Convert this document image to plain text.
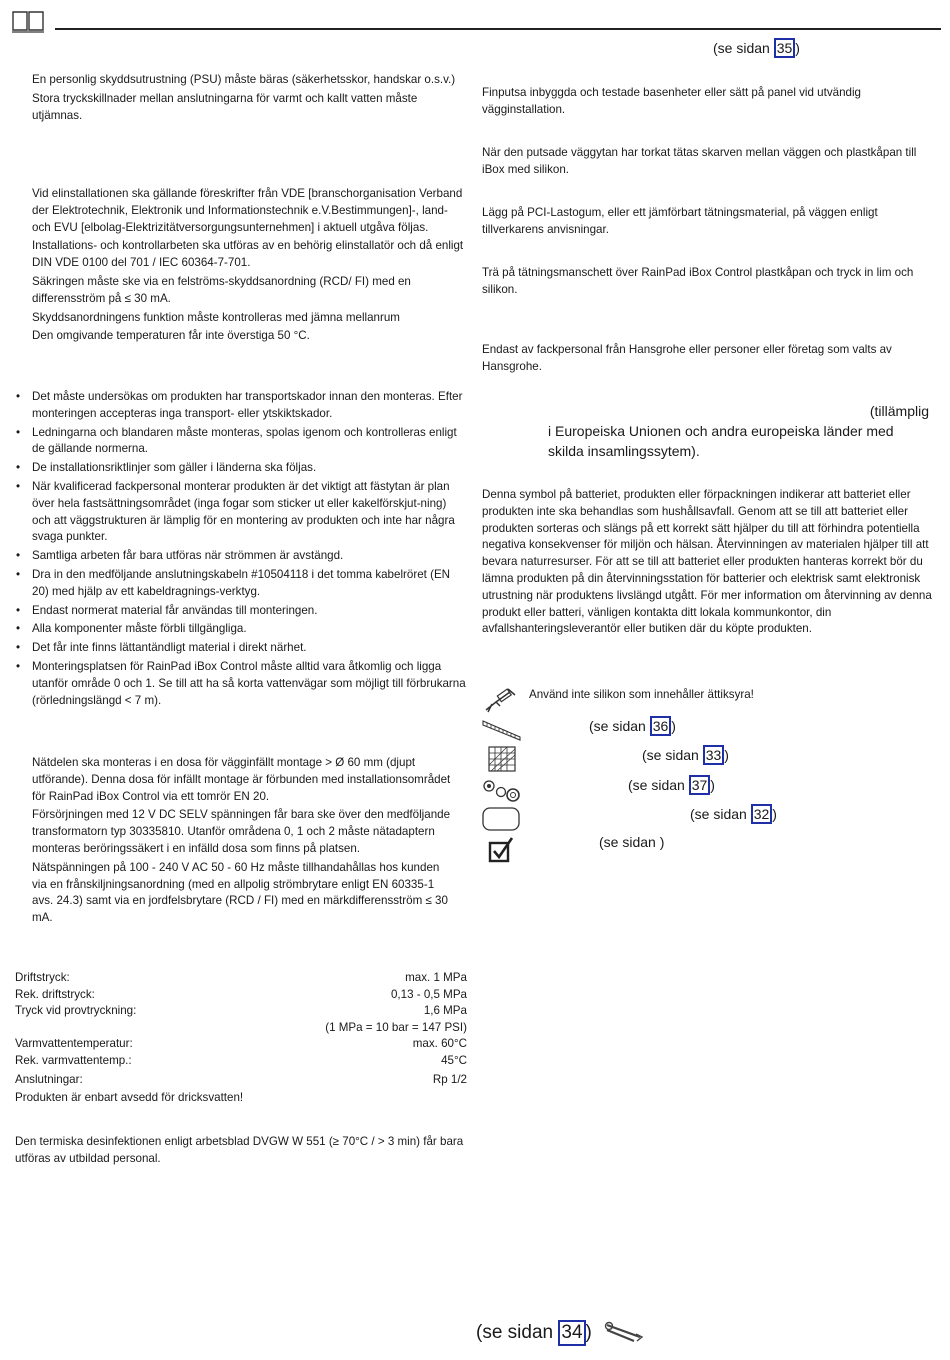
(se sidan 35 )

En personlig skyddsutrustning (PSU) måste bäras (säkerhetsskor, handskar o.s.v.)

Stora tryckskillnader mellan anslutningarna för varmt och kallt vatten måste utjämnas.

Vid elinstallationen ska gällande föreskrifter från VDE [branschorganisation Verband der Elektrotechnik, Elektronik und Informationstechnik e.V.Bestimmungen]-, land- och EVU [elbolag-Elektrizitätversorgungsunternehmen] i aktuell utgåva följas.

Installations- och kontrollarbeten ska utföras av en behörig elinstallatör och då enligt DIN VDE 0100 del 701 / IEC 60364-7-701.

Säkringen måste ske via en felströms-skyddsanordning (RCD/ FI) med en differensström på ≤ 30 mA.

Skyddsanordningens funktion måste kontrolleras med jämna mellanrum

Den omgivande temperaturen får inte överstiga 50 °C.

• Det måste undersökas om produkten har transportskador innan den monteras. Efter monteringen accepteras inga transport- eller ytskiktskador.
• Ledningarna och blandaren måste monteras, spolas igenom och kontrolleras enligt de gällande normerna.
• De installationsriktlinjer som gäller i länderna ska följas.
• När kvalificerad fackpersonal monterar produkten är det viktigt att fästytan är plan över hela fastsättningsområdet (inga fogar som sticker ut eller kakelförskjut-ning) och att väggstrukturen är lämplig för en montering av produkten och inte har några svaga punkter.
• Samtliga arbeten får bara utföras när strömmen är avstängd.
• Dra in den medföljande anslutningskabeln #10504118 i det tomma kabelröret (EN 20) med hjälp av ett kabeldragnings-verktyg.
• Endast normerat material får användas till monteringen.
• Alla komponenter måste förbli tillgängliga.
• Det får inte finns lättantändligt material i direkt närhet.
• Monteringsplatsen för RainPad iBox Control måste alltid vara åtkomlig och ligga utanför område 0 och 1. Se till att ha så korta vattenvägar som möjligt till förbrukarna (rörledningslängd < 7 m).

Nätdelen ska monteras i en dosa för vägginfällt montage > Ø 60 mm (djupt utförande). Denna dosa för infällt montage är förbunden med installationsområdet för RainPad iBox Control via ett tomrör EN 20.

Försörjningen med 12 V DC SELV spänningen får bara ske över den medföljande transformatorn typ 30335810. Utanför områdena 0, 1 och 2 måste nätadaptern monteras beröringssäkert i en infälld dosa som finns på platsen.

Nätspänningen på 100 - 240 V AC 50 - 60 Hz måste tillhandahållas hos kunden via en frånskiljningsanordning (med en allpolig strömbrytare enligt EN 60335-1 avs. 24.3) samt via en jordfelsbrytare (RCD / FI) med en märkdifferensström ≤ 30 mA.

Driftstryck:	max. 1 MPa
Rek. driftstryck:	0,13 - 0,5 MPa
Tryck vid provtryckning:	1,6 MPa
(1 MPa = 10 bar = 147 PSI)
Varmvattentemperatur:	max. 60°C
Rek. varmvattentemp.:	45°C
Anslutningar:	Rp 1/2
Produkten är enbart avsedd för dricksvatten!
Den termiska desinfektionen enligt arbetsblad DVGW W 551 (≥ 70°C / > 3 min) får bara utföras av utbildad personal.
Finputsa inbyggda och testade basenheter eller sätt på panel vid utvändig vägginstallation.
När den putsade väggytan har torkat tätas skarven mellan väggen och plastkåpan till iBox med silikon.
Lägg på PCI-Lastogum, eller ett jämförbart tätningsmaterial, på väggen enligt tillverkarens anvisningar.
Trä på tätningsmanschett över RainPad iBox Control plastkåpan och tryck in lim och silikon.
Endast av fackpersonal från Hansgrohe eller personer eller företag som valts av Hansgrohe.
(tillämplig
i Europeiska Unionen och andra europeiska länder med
skilda insamlingssytem).
Denna symbol på batteriet, produkten eller förpackningen indikerar att batteriet eller produkten inte ska behandlas som hushållsavfall. Genom att se till att batteriet eller produkten sorteras och slängs på ett korrekt sätt hjälper du till att förhindra potentiella negativa konsekvenser för miljön och hälsan. Återvinningen av materialen hjälper till att bevara naturresurser. För att se till att batteriet eller produkten hanteras korrekt bör du lämna produkten på din återvinningsstation för batterier och elektrisk samt elektronisk utrustning när produktens livslängd utgått. För mer information om återvinning av denna produkt eller batteri, vänligen kontakta ditt lokala kommunkontor, din avfallshanteringsleverantör eller butiken där du köpte produkten.
Använd inte silikon som innehåller ättiksyra!
(se sidan 36 )
(se sidan 33 )
(se sidan 37 )
(se sidan 32 )
(se sidan )
(se sidan 34 )
